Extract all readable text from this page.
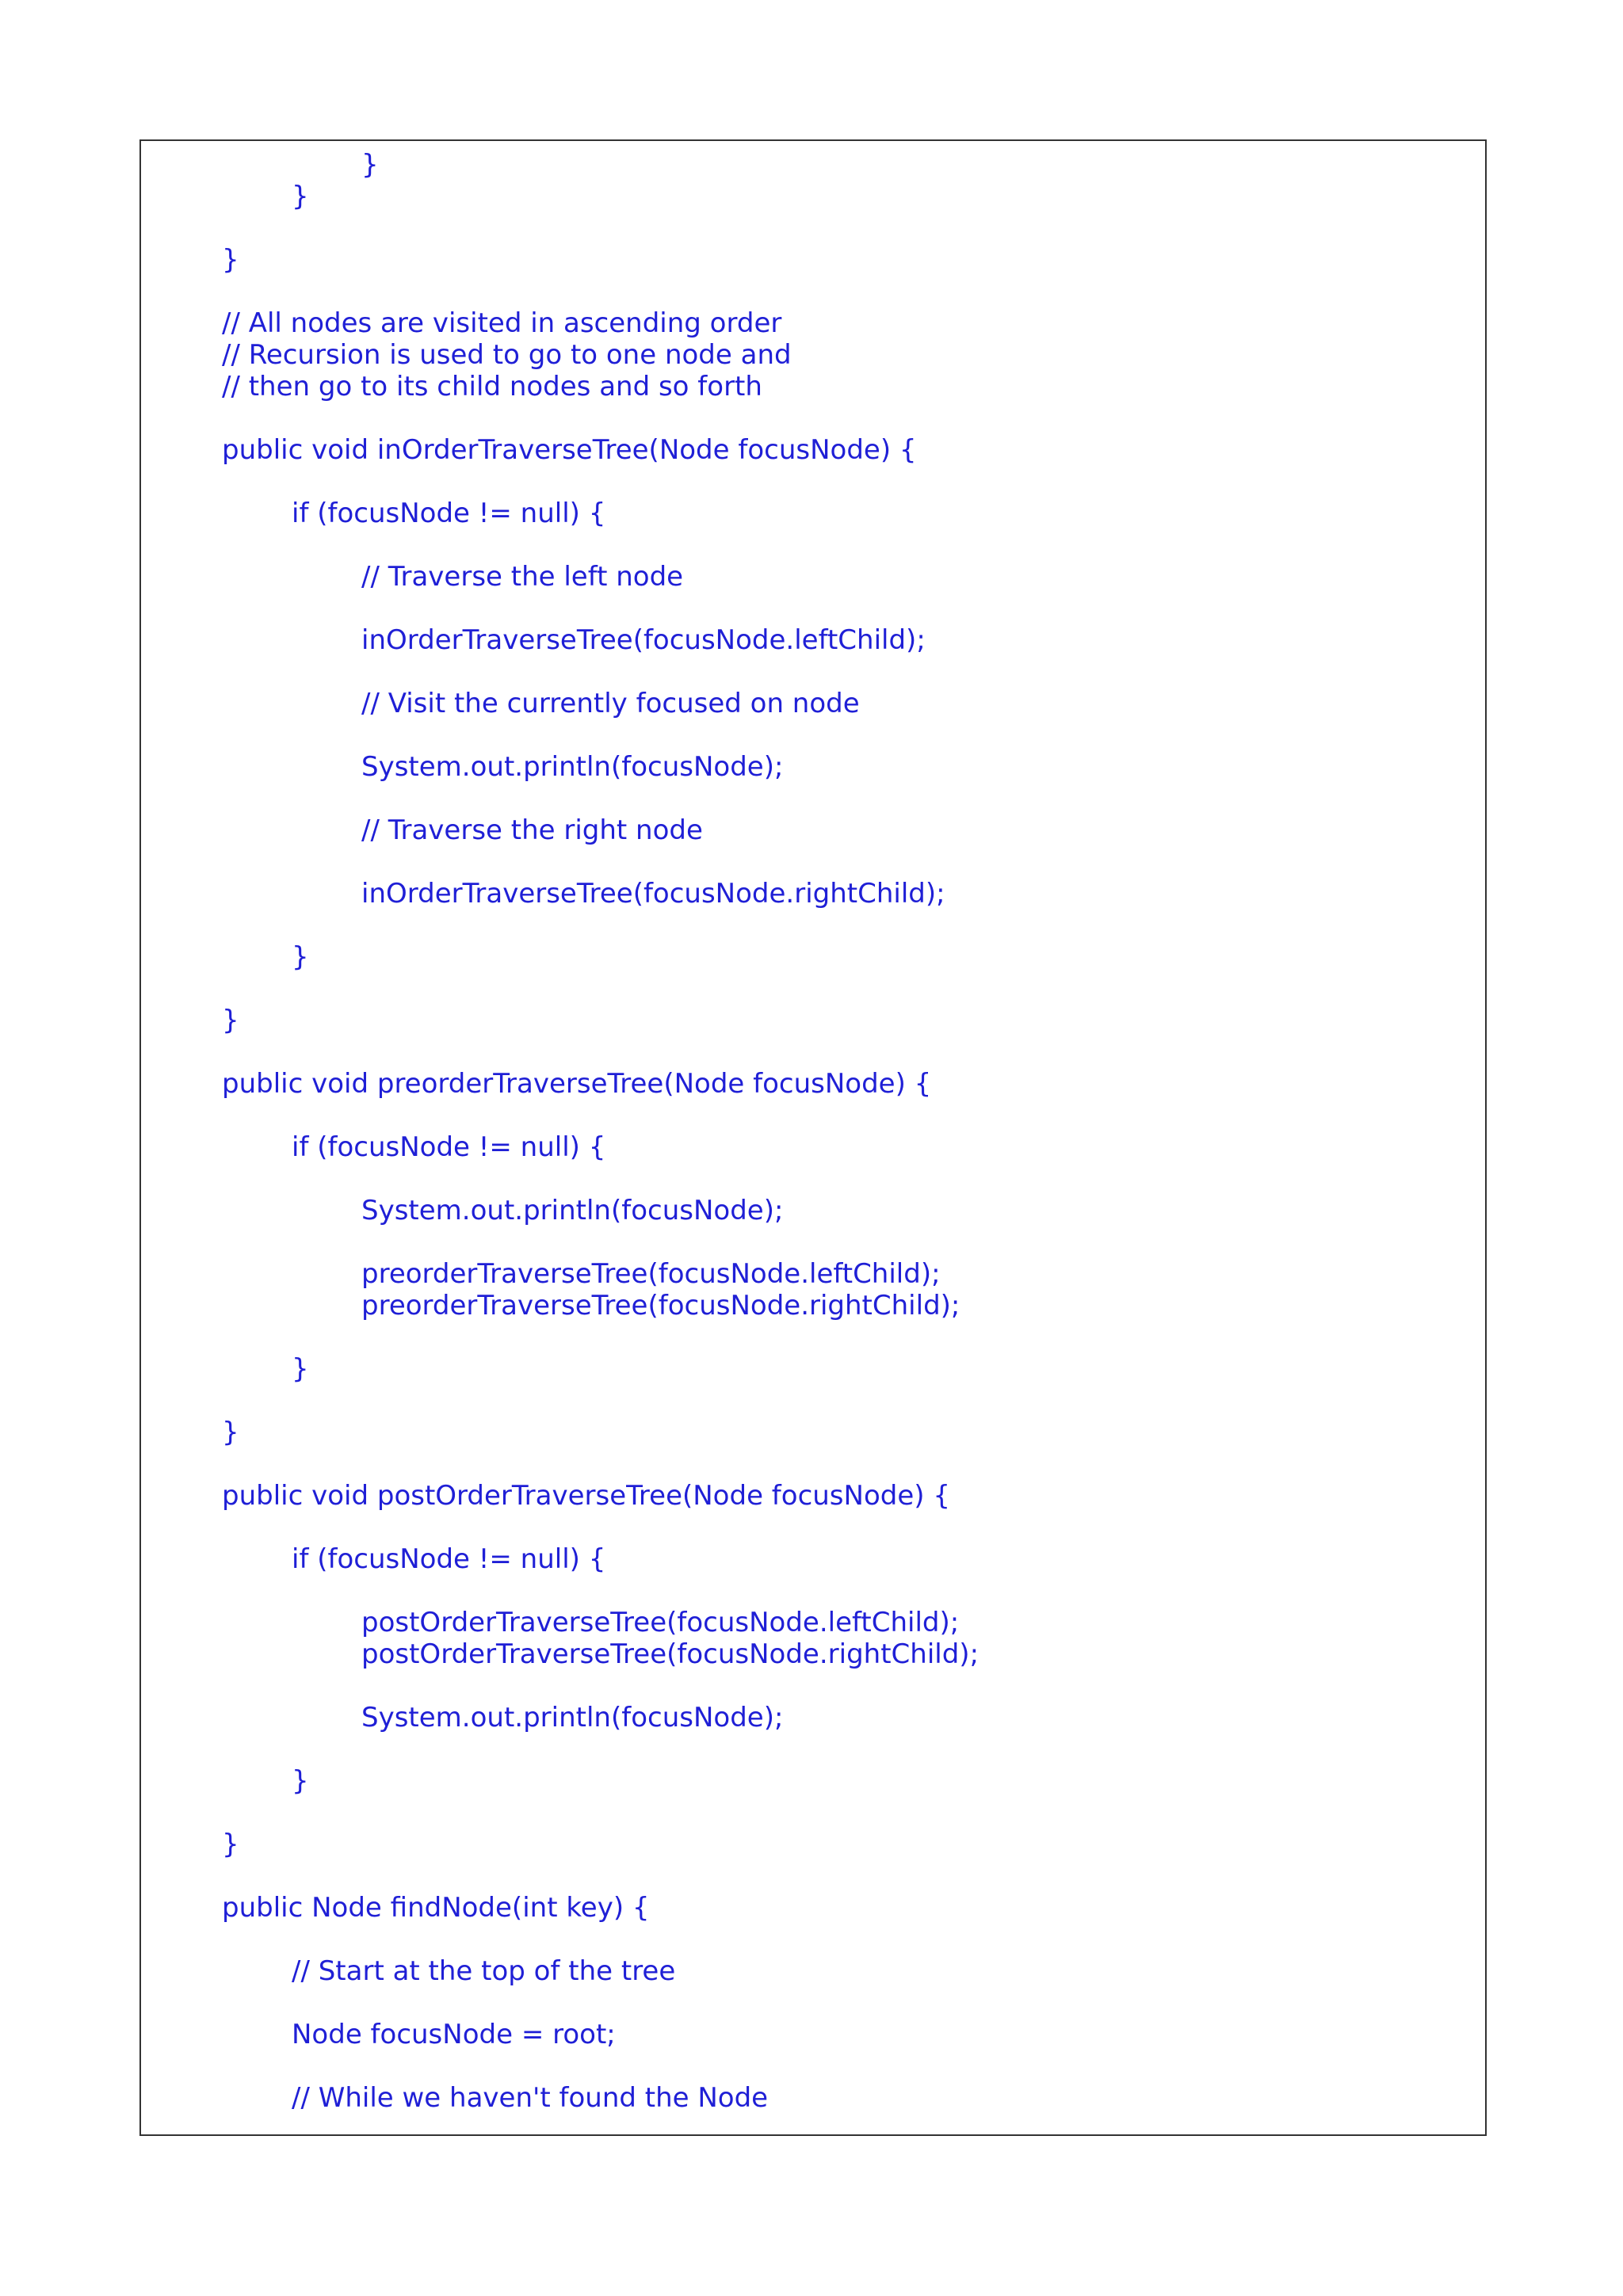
}

}

}

// All nodes are visited in ascending order

// Recursion is used to go to one node and

// then go to its child nodes and so forth

public void inOrderTraverseTree(Node focusNode) {

if (focusNode != null) {

// Traverse the left node

inOrderTraverseTree(focusNode.leftChild);

// Visit the currently focused on node

System.out.println(focusNode);

// Traverse the right node

inOrderTraverseTree(focusNode.rightChild);

}

}

public void preorderTraverseTree(Node focusNode) {

if (focusNode != null) {

System.out.println(focusNode);

preorderTraverseTree(focusNode.leftChild);

preorderTraverseTree(focusNode.rightChild);

}

}

public void postOrderTraverseTree(Node focusNode) {

if (focusNode != null) {

postOrderTraverseTree(focusNode.leftChild);

postOrderTraverseTree(focusNode.rightChild);

System.out.println(focusNode);

}

}

public Node findNode(int key) {

// Start at the top of the tree

Node focusNode = root;

// While we haven't found the Node
